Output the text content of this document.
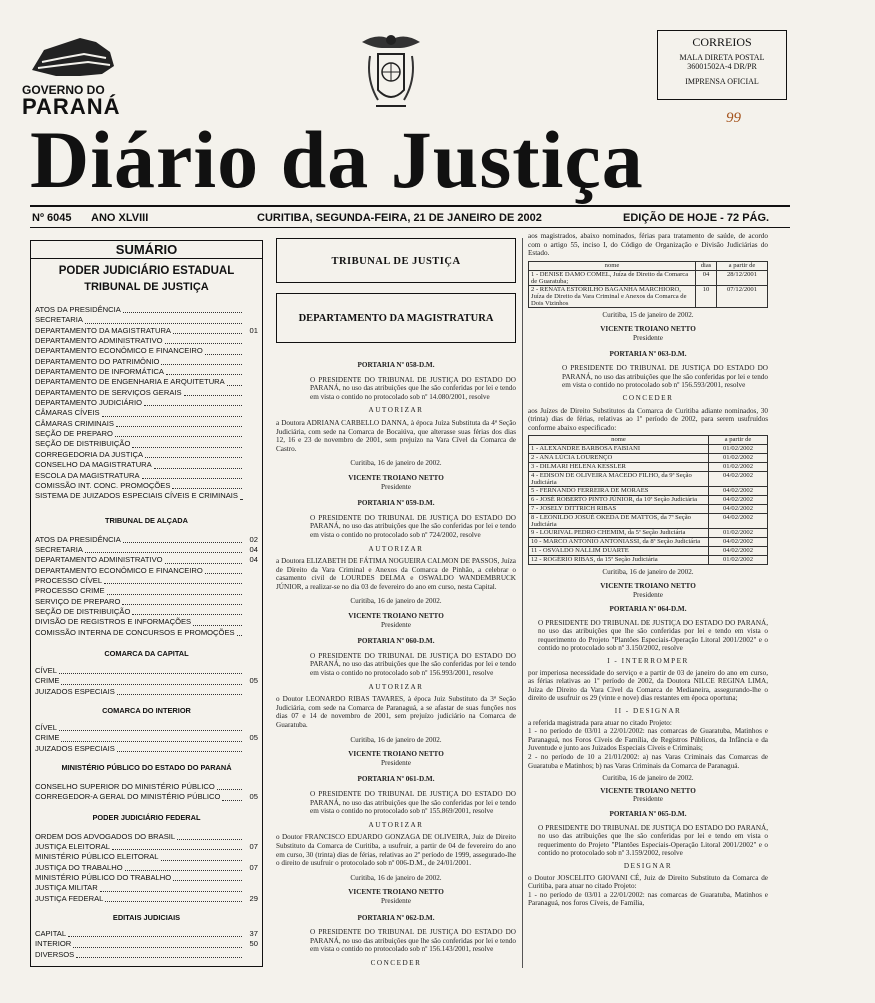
GOVERNO DO
PARANÁ
CORREIOS
MALA DIRETA POSTAL
36001502A-4 DR/PR
IMPRENSA OFICIAL
99
Diário da Justiça
Nº 6045 ANO XLVIII	CURITIBA, SEGUNDA-FEIRA, 21 DE JANEIRO DE 2002	EDIÇÃO DE HOJE - 72 PÁG.
SUMÁRIO
PODER JUDICIÁRIO ESTADUAL
TRIBUNAL DE JUSTIÇA
ATOS DA PRESIDÊNCIA
SECRETARIA
DEPARTAMENTO DA MAGISTRATURA	01
DEPARTAMENTO ADMINISTRATIVO
DEPARTAMENTO ECONÔMICO E FINANCEIRO
DEPARTAMENTO DO PATRIMÔNIO
DEPARTAMENTO DE INFORMÁTICA
DEPARTAMENTO DE ENGENHARIA E ARQUITETURA
DEPARTAMENTO DE SERVIÇOS GERAIS
DEPARTAMENTO JUDICIÁRIO
CÂMARAS CÍVEIS
CÂMARAS CRIMINAIS
SEÇÃO DE PREPARO
SEÇÃO DE DISTRIBUIÇÃO
CORREGEDORIA DA JUSTIÇA
CONSELHO DA MAGISTRATURA
ESCOLA DA MAGISTRATURA
COMISSÃO INT. CONC. PROMOÇÕES
SISTEMA DE JUIZADOS ESPECIAIS CÍVEIS E CRIMINAIS
TRIBUNAL DE ALÇADA
ATOS DA PRESIDÊNCIA	02
SECRETARIA	04
DEPARTAMENTO ADMINISTRATIVO	04
DEPARTAMENTO ECONÔMICO E FINANCEIRO
PROCESSO CÍVEL
PROCESSO CRIME
SERVIÇO DE PREPARO
SEÇÃO DE DISTRIBUIÇÃO
DIVISÃO DE REGISTROS E INFORMAÇÕES
COMISSÃO INTERNA DE CONCURSOS E PROMOÇÕES
COMARCA DA CAPITAL
CÍVEL
CRIME	05
JUIZADOS ESPECIAIS
COMARCA DO INTERIOR
CÍVEL
CRIME	05
JUIZADOS ESPECIAIS
MINISTÉRIO PÚBLICO DO ESTADO DO PARANÁ
CONSELHO SUPERIOR DO MINISTÉRIO PÚBLICO
CORREGEDOR-A GERAL DO MINISTÉRIO PÚBLICO	05
PODER JUDICIÁRIO FEDERAL
ORDEM DOS ADVOGADOS DO BRASIL
JUSTIÇA ELEITORAL	07
MINISTÉRIO PÚBLICO ELEITORAL
JUSTIÇA DO TRABALHO	07
MINISTÉRIO PÚBLICO DO TRABALHO
JUSTIÇA MILITAR
JUSTIÇA FEDERAL	29
EDITAIS JUDICIAIS
CAPITAL	37
INTERIOR	50
DIVERSOS
TRIBUNAL DE JUSTIÇA
DEPARTAMENTO DA MAGISTRATURA
PORTARIA Nº 058-D.M.
O PRESIDENTE DO TRIBUNAL DE JUSTIÇA DO ESTADO DO PARANÁ, no uso das atribuições que lhe são conferidas por lei e tendo em vista o contido no protocolado sob nº 14.080/2001, resolve
AUTORIZAR
a Doutora ADRIANA CARBELLO DANNA, à época Juíza Substituta da 4ª Seção Judiciária, com sede na Comarca de Bocaiúva, que alterasse suas férias dos dias 12, 16 e 23 de novembro de 2001, sem prejuízo na Vara Cível da Comarca de Castro.
Curitiba, 16 de janeiro de 2002.
VICENTE TROIANO NETTO
Presidente
PORTARIA Nº 059-D.M.
O PRESIDENTE DO TRIBUNAL DE JUSTIÇA DO ESTADO DO PARANÁ, no uso das atribuições que lhe são conferidas por lei e tendo em vista o contido no protocolado sob nº 724/2002, resolve
AUTORIZAR
a Doutora ELIZABETH DE FÁTIMA NOGUEIRA CALMON DE PASSOS, Juíza de Direito da Vara Criminal e Anexos da Comarca de Pinhão, a celebrar o casamento civil de LOURDES DELMA e OSWALDO WANDEMBRUCK JÚNIOR, a realizar-se no dia 03 de fevereiro do ano em curso, nesta Capital.
Curitiba, 16 de janeiro de 2002.
VICENTE TROIANO NETTO
Presidente
PORTARIA Nº 060-D.M.
O PRESIDENTE DO TRIBUNAL DE JUSTIÇA DO ESTADO DO PARANÁ, no uso das atribuições que lhe são conferidas por lei e tendo em vista o contido no protocolado sob nº 156.993/2001, resolve
AUTORIZAR
o Doutor LEONARDO RIBAS TAVARES, à época Juiz Substituto da 3ª Seção Judiciária, com sede na Comarca de Paranaguá, a se afastar de suas funções nos dias 07 e 14 de novembro de 2001, sem prejuízo judiciário na Comarca de Guaratuba.
Curitiba, 16 de janeiro de 2002.
VICENTE TROIANO NETTO
Presidente
PORTARIA Nº 061-D.M.
O PRESIDENTE DO TRIBUNAL DE JUSTIÇA DO ESTADO DO PARANÁ, no uso das atribuições que lhe são conferidas por lei e tendo em vista o contido no protocolado sob nº 155.869/2001, resolve
AUTORIZAR
o Doutor FRANCISCO EDUARDO GONZAGA DE OLIVEIRA, Juiz de Direito Substituto da Comarca de Curitiba, a usufruir, a partir de 04 de fevereiro do ano em curso, 30 (trinta) dias de férias, relativas ao 2º período de 1999, assegurado-lhe o direito de usufruir o protocolado sob nº 006-D.M., de 24/01/2001.
Curitiba, 16 de janeiro de 2002.
VICENTE TROIANO NETTO
Presidente
PORTARIA Nº 062-D.M.
O PRESIDENTE DO TRIBUNAL DE JUSTIÇA DO ESTADO DO PARANÁ, no uso das atribuições que lhe são conferidas por lei e tendo em vista o contido no protocolado sob nº 156.143/2001, resolve
CONCEDER
aos magistrados, abaixo nominados, férias para tratamento de saúde, de acordo com o artigo 55, inciso I, do Código de Organização e Divisão Judiciárias do Estado.
nome	dias	a partir de
1 - DENISE DAMO COMEL, Juíza de Direito da Comarca de Guaratuba;	04	28/12/2001
2 - RENATA ESTORILHO BAGANHA MARCHIORO, Juíza de Direito da Vara Criminal e Anexos da Comarca de Dois Vizinhos	10	07/12/2001
Curitiba, 15 de janeiro de 2002.
VICENTE TROIANO NETTO
Presidente
PORTARIA Nº 063-D.M.
O PRESIDENTE DO TRIBUNAL DE JUSTIÇA DO ESTADO DO PARANÁ, no uso das atribuições que lhe são conferidas por lei e tendo em vista o contido no protocolado sob nº 156.593/2001, resolve
CONCEDER
aos Juízes de Direito Substitutos da Comarca de Curitiba adiante nominados, 30 (trinta) dias de férias, relativas ao 1º período de 2002, para serem usufruídos conforme abaixo especificado:
nome	a partir de
1 - ALEXANDRE BARBOSA FABIANI	01/02/2002
2 - ANA LÚCIA LOURENÇO	01/02/2002
3 - DILMARI HELENA KESSLER	01/02/2002
4 - EDISON DE OLIVEIRA MACEDO FILHO, da 9ª Seção Judiciária	04/02/2002
5 - FERNANDO FERREIRA DE MORAES	04/02/2002
6 - JOSÉ ROBERTO PINTO JÚNIOR, da 10ª Seção Judiciária	04/02/2002
7 - JOSELY DITTRICH RIBAS	04/02/2002
8 - LEONILDO JOSUÉ OKEDA DE MATTOS, da 7ª Seção Judiciária	04/02/2002
9 - LOURIVAL PEDRO CHEMIM, da 5ª Seção Judiciária	01/02/2002
10 - MARCO ANTONIO ANTONIASSI, da 8ª Seção Judiciária	04/02/2002
11 - OSVALDO NALLIM DUARTE	04/02/2002
12 - ROGÉRIO RIBAS, da 15ª Seção Judiciária	01/02/2002
Curitiba, 16 de janeiro de 2002.
VICENTE TROIANO NETTO
Presidente
PORTARIA Nº 064-D.M.
O PRESIDENTE DO TRIBUNAL DE JUSTIÇA DO ESTADO DO PARANÁ, no uso das atribuições que lhe são conferidas por lei e tendo em vista o requerimento do Projeto "Plantões Especiais-Operação Litoral 2001/2002" e o contido no protocolado sob nº 3.150/2002, resolve
I - INTERROMPER
por imperiosa necessidade do serviço e a partir de 03 de janeiro do ano em curso, as férias relativas ao 1º período de 2002, da Doutora NILCE REGINA LIMA, Juíza de Direito da Vara Cível da Comarca de Medianeira, assegurando-lhe o direito de usufruir os 29 (vinte e nove) dias restantes em época oportuna;
II - DESIGNAR
a referida magistrada para atuar no citado Projeto:
1 - no período de 03/01 a 22/01/2002: nas comarcas de Guaratuba, Matinhos e Paranaguá, nos Foros Cíveis de Família, de Registros Públicos, da Infância e da Juventude e junto aos Juizados Especiais Cíveis e Criminais;
2 - no período de 10 a 21/01/2002: a) nas Varas Criminais das Comarcas de Guaratuba e Matinhos; b) nas Varas Criminais da Comarca de Paranaguá.
Curitiba, 16 de janeiro de 2002.
VICENTE TROIANO NETTO
Presidente
PORTARIA Nº 065-D.M.
O PRESIDENTE DO TRIBUNAL DE JUSTIÇA DO ESTADO DO PARANÁ, no uso das atribuições que lhe são conferidas por lei e tendo em vista o requerimento do Projeto "Plantões Especiais-Operação Litoral 2001/2002" e o contido no protocolado sob nº 3.159/2002, resolve
DESIGNAR
o Doutor JOSCELITO GIOVANI CÉ, Juiz de Direito Substituto da Comarca de Curitiba, para atuar no citado Projeto:
1 - no período de 03/01 a 22/01/2002: nas comarcas de Guaratuba, Matinhos e Paranaguá, nos foros Cíveis, de Família,
